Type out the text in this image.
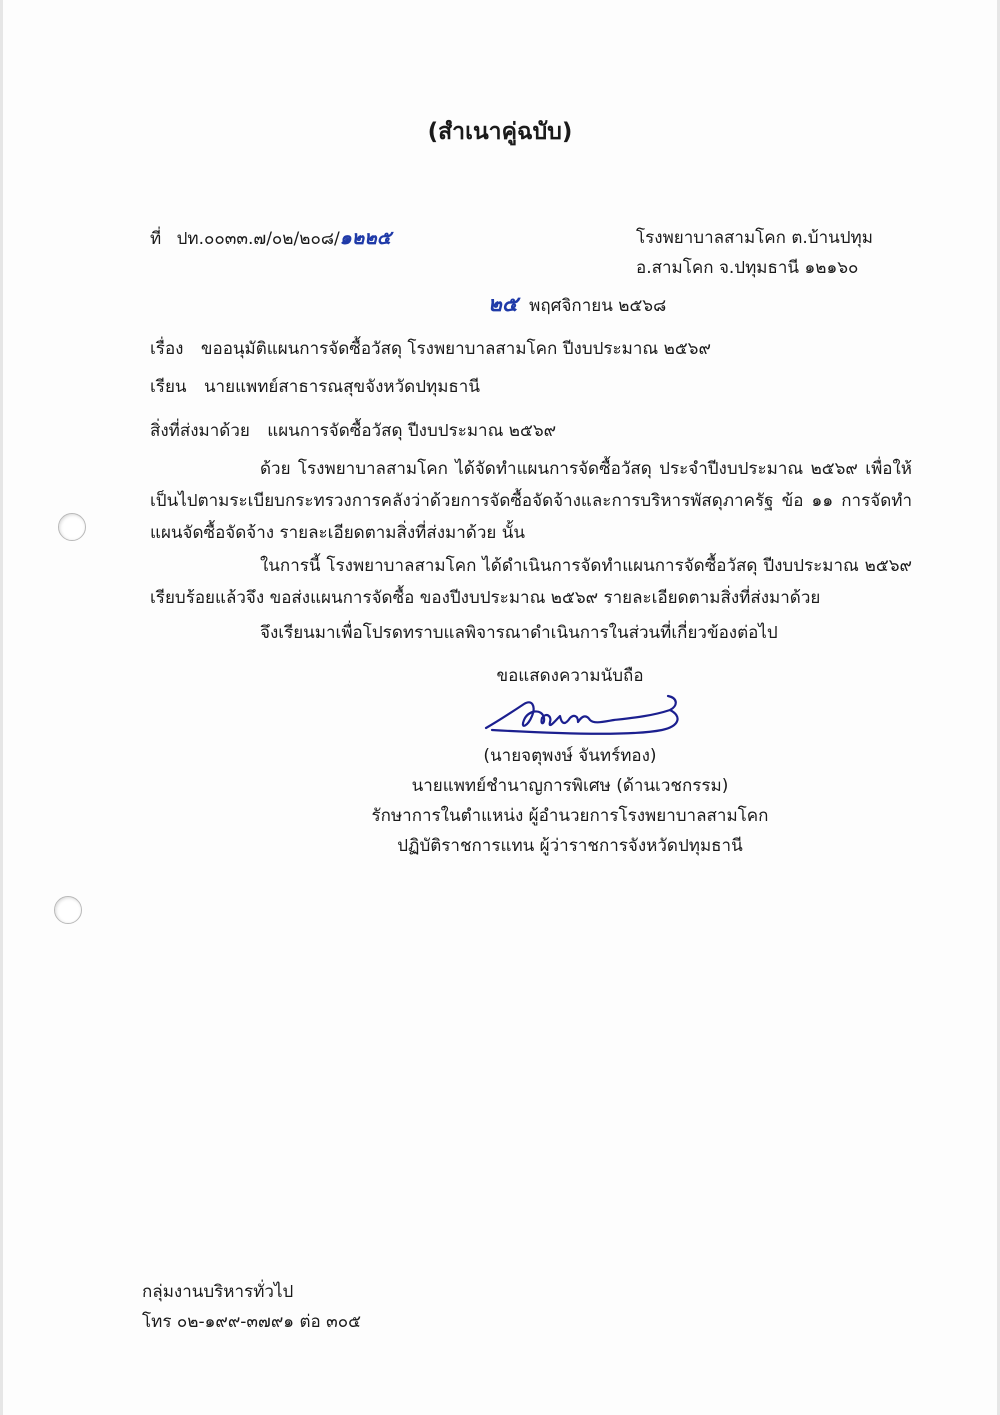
(สำเนาคู่ฉบับ)
ที่ ปท.๐๐๓๓.๗/๐๒/๒๐๘/๑๒๒๕	โรงพยาบาลสามโคก ต.บ้านปทุม
อ.สามโคก จ.ปทุมธานี ๑๒๑๖๐
๒๕ พฤศจิกายน ๒๕๖๘
เรื่อง ขออนุมัติแผนการจัดซื้อวัสดุ โรงพยาบาลสามโคก ปีงบประมาณ ๒๕๖๙
เรียน นายแพทย์สาธารณสุขจังหวัดปทุมธานี
สิ่งที่ส่งมาด้วย แผนการจัดซื้อวัสดุ ปีงบประมาณ ๒๕๖๙

ด้วย โรงพยาบาลสามโคก ได้จัดทำแผนการจัดซื้อวัสดุ ประจำปีงบประมาณ ๒๕๖๙ เพื่อให้เป็นไปตามระเบียบกระทรวงการคลังว่าด้วยการจัดซื้อจัดจ้างและการบริหารพัสดุภาครัฐ ข้อ ๑๑ การจัดทำแผนจัดซื้อจัดจ้าง รายละเอียดตามสิ่งที่ส่งมาด้วย นั้น

ในการนี้ โรงพยาบาลสามโคก ได้ดำเนินการจัดทำแผนการจัดซื้อวัสดุ ปีงบประมาณ ๒๕๖๙ เรียบร้อยแล้วจึง ขอส่งแผนการจัดซื้อ ของปีงบประมาณ ๒๕๖๙ รายละเอียดตามสิ่งที่ส่งมาด้วย

จึงเรียนมาเพื่อโปรดทราบแลพิจารณาดำเนินการในส่วนที่เกี่ยวข้องต่อไป

ขอแสดงความนับถือ

(นายจตุพงษ์ จันทร์ทอง)

นายแพทย์ชำนาญการพิเศษ (ด้านเวชกรรม)

รักษาการในตำแหน่ง ผู้อำนวยการโรงพยาบาลสามโคก

ปฏิบัติราชการแทน ผู้ว่าราชการจังหวัดปทุมธานี

กลุ่มงานบริหารทั่วไป
โทร ๐๒-๑๙๙-๓๗๙๑ ต่อ ๓๐๕
